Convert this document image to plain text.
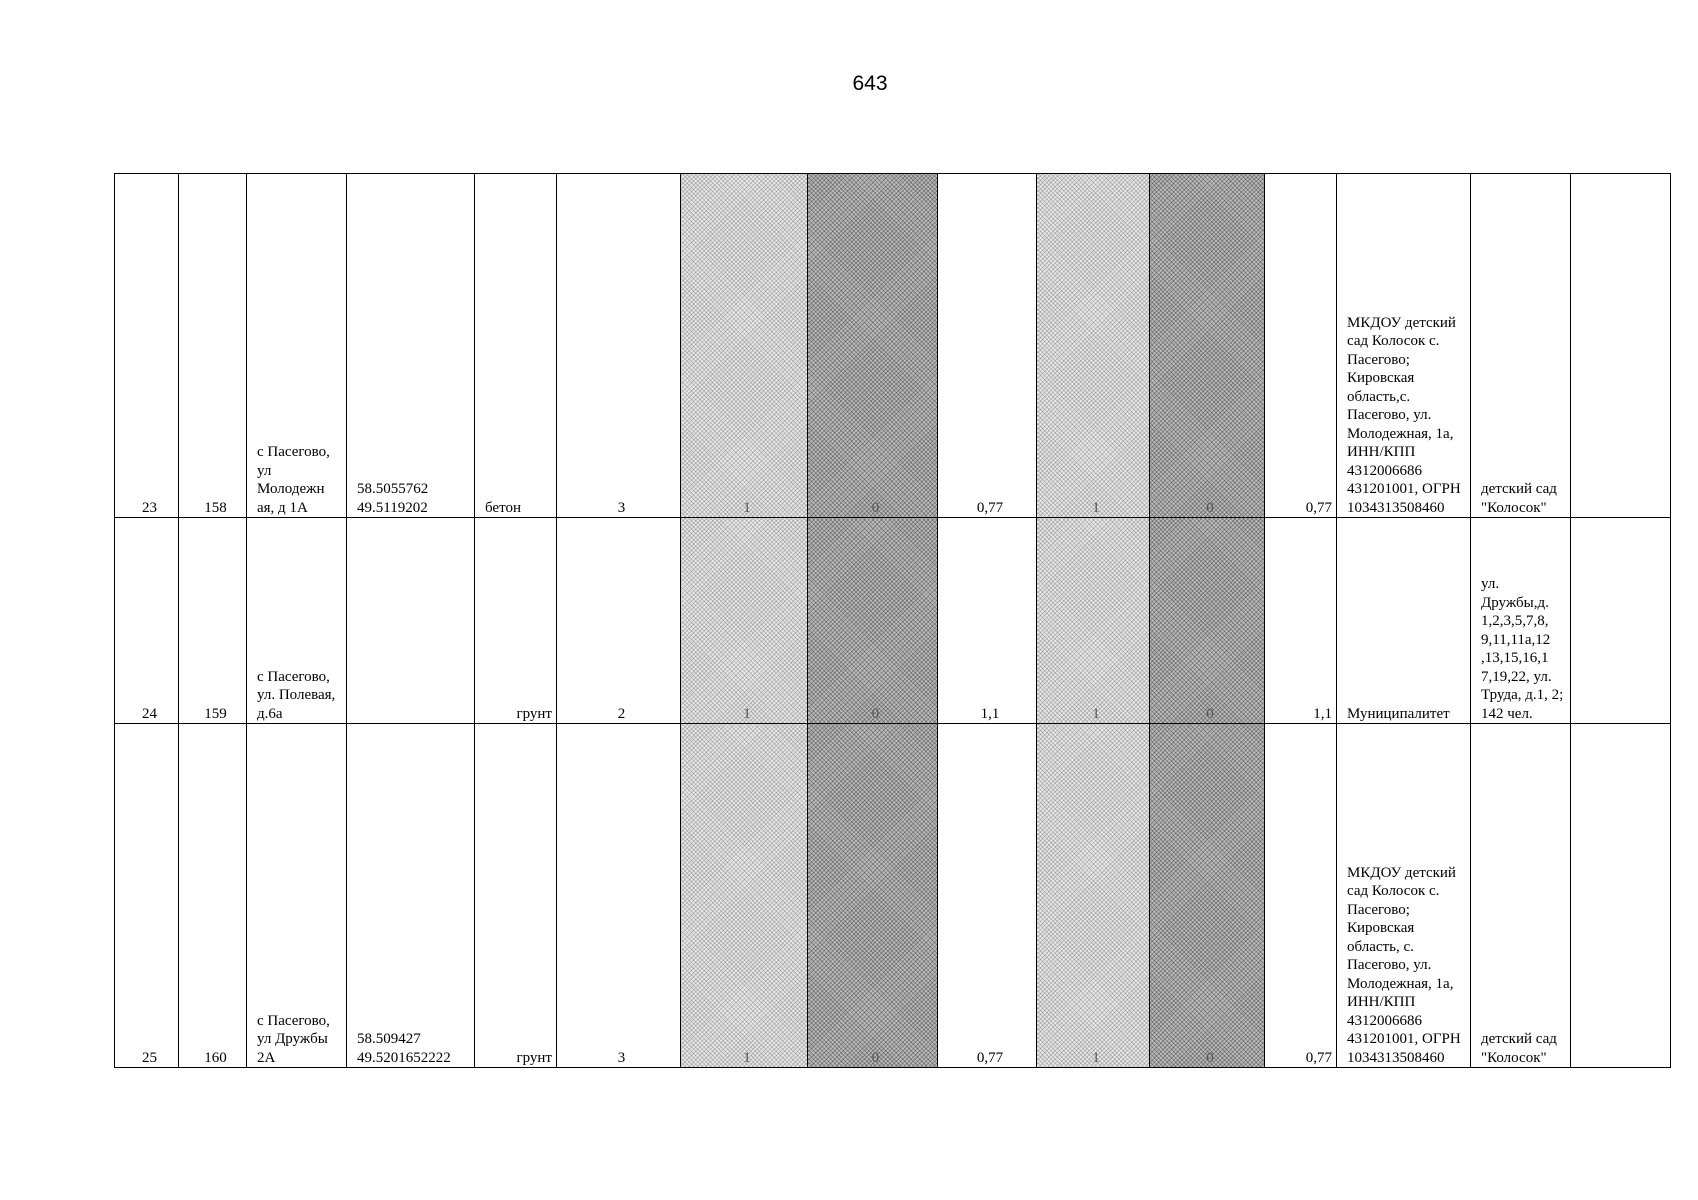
643
23	158	с Пасегово, ул Молодежн ая, д 1А	58.5055762 49.5119202	бетон	3	1	0	0,77	1	0	0,77	МКДОУ детский сад Колосок с. Пасегово; Кировская область,с. Пасегово, ул. Молодежная, 1а, ИНН/КПП 4312006686 431201001, ОГРН 1034313508460	детский сад "Колосок"	
24	159	с Пасегово, ул. Полевая, д.6а		грунт	2	1	0	1,1	1	0	1,1	Муниципалитет	ул. Дружбы,д. 1,2,3,5,7,8, 9,11,11а,12 ,13,15,16,1 7,19,22, ул. Труда, д.1, 2; 142 чел.	
25	160	с Пасегово, ул Дружбы 2А	58.509427 49.5201652222	грунт	3	1	0	0,77	1	0	0,77	МКДОУ детский сад Колосок с. Пасегово; Кировская область, с. Пасегово, ул. Молодежная, 1а, ИНН/КПП 4312006686 431201001, ОГРН 1034313508460	детский сад "Колосок"	
